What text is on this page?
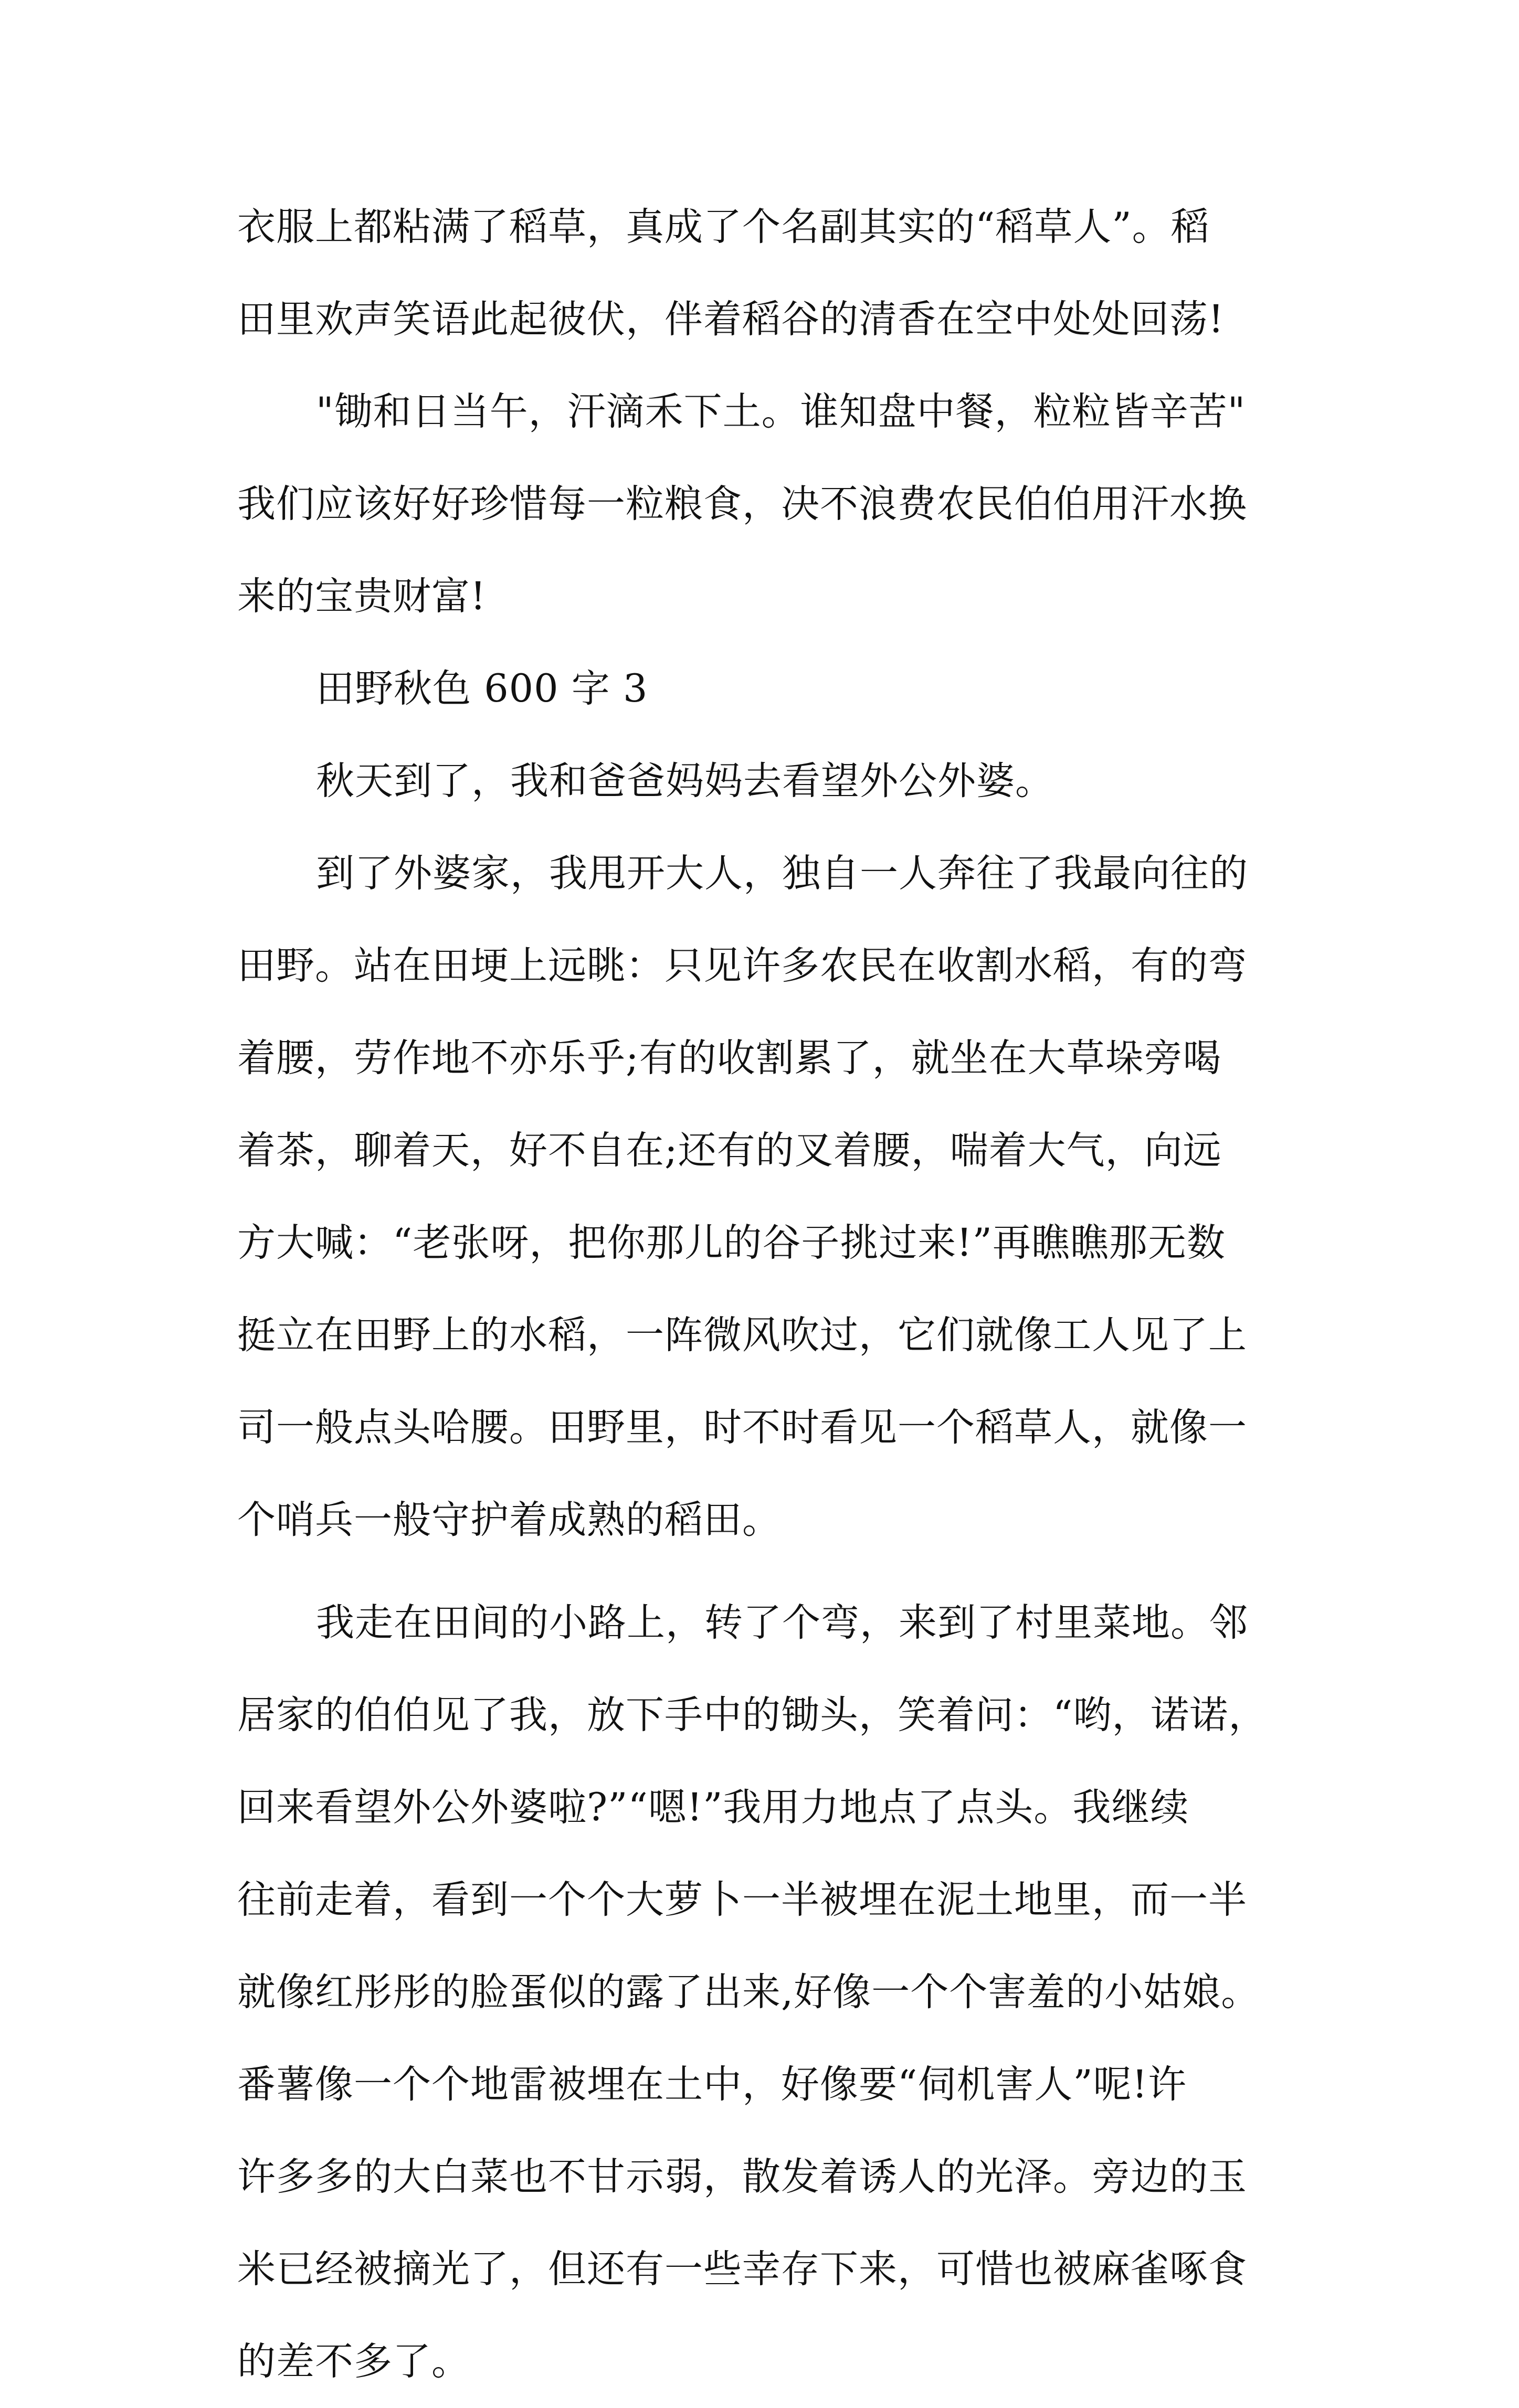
衣服上都粘满了稻草，真成了个名副其实的“稻草人”。稻
田里欢声笑语此起彼伏，伴着稻谷的清香在空中处处回荡!
"锄和日当午，汗滴禾下土。谁知盘中餐，粒粒皆辛苦"
我们应该好好珍惜每一粒粮食，决不浪费农民伯伯用汗水换
来的宝贵财富!
田野秋色 600 字 3
秋天到了，我和爸爸妈妈去看望外公外婆。
到了外婆家，我甩开大人，独自一人奔往了我最向往的
田野。站在田埂上远眺：只见许多农民在收割水稻，有的弯
着腰，劳作地不亦乐乎;有的收割累了，就坐在大草垛旁喝
着茶，聊着天，好不自在;还有的叉着腰，喘着大气，向远
方大喊：“老张呀，把你那儿的谷子挑过来!”再瞧瞧那无数
挺立在田野上的水稻，一阵微风吹过，它们就像工人见了上
司一般点头哈腰。田野里，时不时看见一个稻草人，就像一
个哨兵一般守护着成熟的稻田。
我走在田间的小路上，转了个弯，来到了村里菜地。邻
居家的伯伯见了我，放下手中的锄头，笑着问：“哟，诺诺，
回来看望外公外婆啦?”“嗯!”我用力地点了点头。我继续
往前走着，看到一个个大萝卜一半被埋在泥土地里，而一半
就像红彤彤的脸蛋似的露了出来,好像一个个害羞的小姑娘。
番薯像一个个地雷被埋在土中，好像要“伺机害人”呢!许
许多多的大白菜也不甘示弱，散发着诱人的光泽。旁边的玉
米已经被摘光了，但还有一些幸存下来，可惜也被麻雀啄食
的差不多了。
